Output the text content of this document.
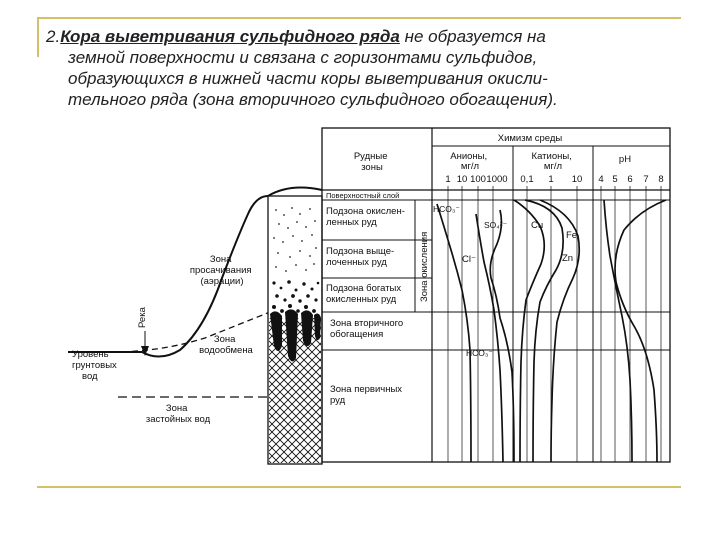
2.Кора выветривания сульфидного ряда не образуется на
земной поверхности и связана с горизонтами сульфидов,
образующихся в нижней части коры выветривания окисли-
тельного ряда (зона вторичного сульфидного обогащения).
Река
Зона просачивания (аэрации)
Зона водообмена
Уровень грунтовых вод
Зона застойных вод
Рудные зоны
Химизм среды
Анионы, мг/л
Катионы, мг/л
pH
1 10 100 1000 0,1 1 10 4 5 6 7 8
Поверхностный слой
Подзона окислен- ленных руд
Подзона выще- лоченных руд
Подзона богатых окисленных руд
Зона вторичного обогащения
Зона первичных руд
Зона окисления
HCO₃⁻
SO₄²⁻
Cl⁻
HCO₃⁻
Cu
Fe
Zn
